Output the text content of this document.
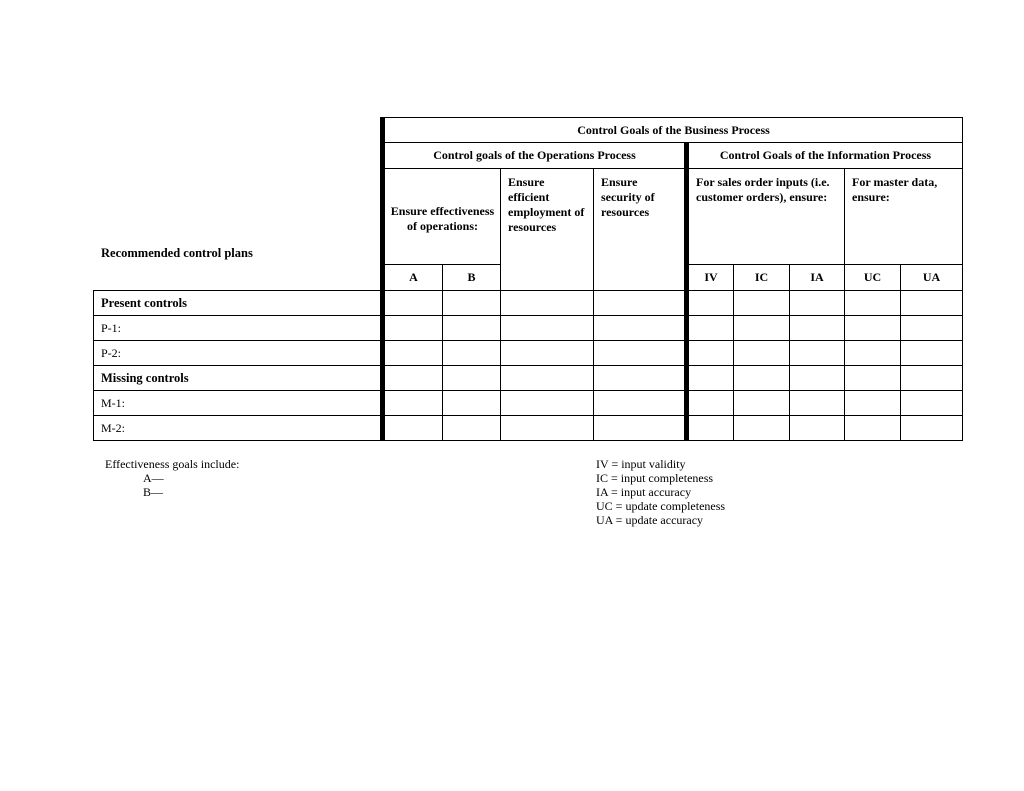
Recommended control plans
	Control Goals of the Business Process								
	Control goals of the Operations Process				Control Goals of the Information Process				
	Ensure effectiveness of operations:		Ensure efficient employment of resources	Ensure security of resources	For sales order inputs (i.e. customer orders), ensure:			For master data, ensure:	
	A	B			IV	IC	IA	UC	UA
Present controls									
P-1:									
P-2:									
Missing controls									
M-1:									
M-2:									
Effectiveness goals include:
A—
B—
IV = input validity
IC = input completeness
IA = input accuracy
UC = update completeness
UA = update accuracy
